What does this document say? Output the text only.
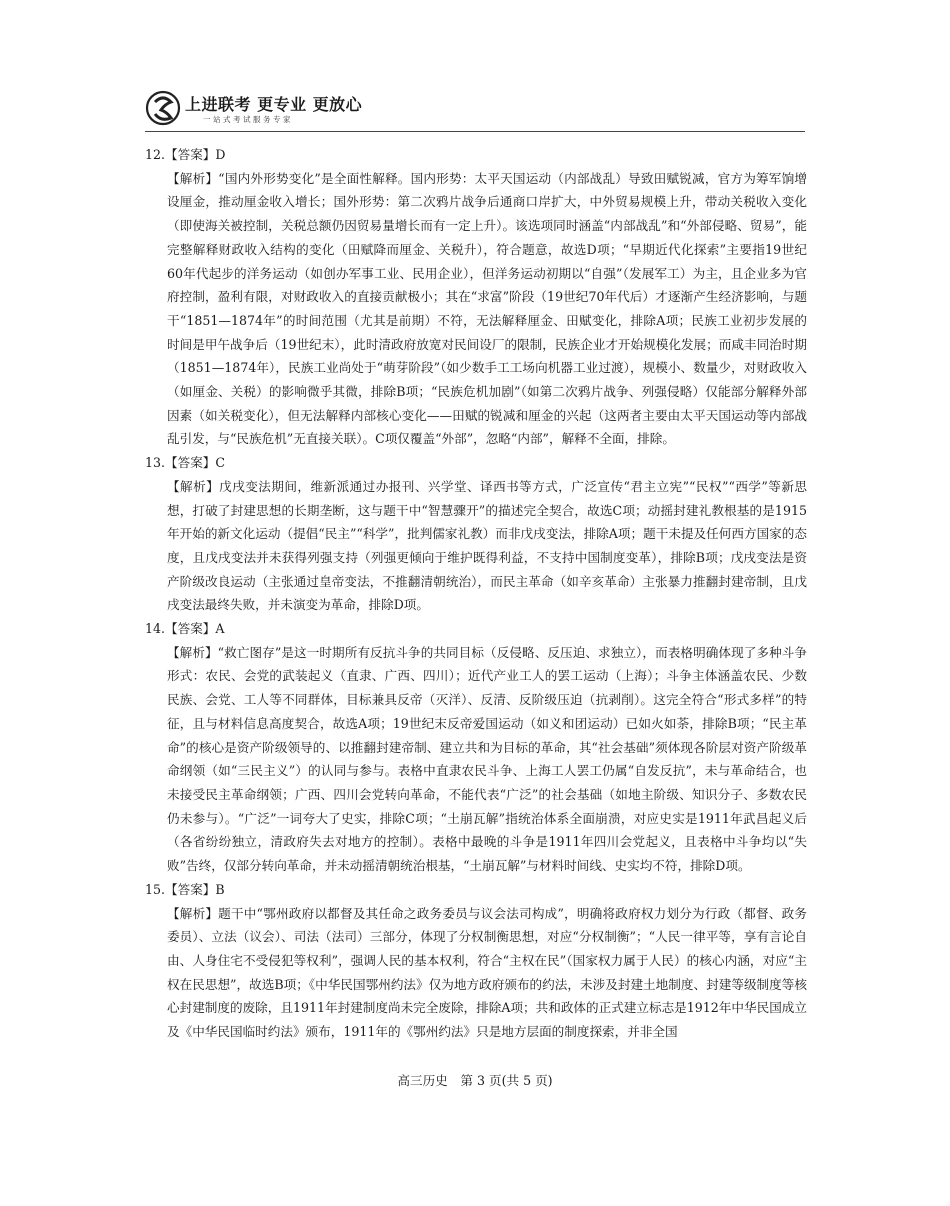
上进联考 更专业 更放心
一站式考试服务专家

12.【答案】D

【解析】“国内外形势变化”是全面性解释。国内形势：太平天国运动（内部战乱）导致田赋锐减，官方为筹军饷增设厘金，推动厘金收入增长；国外形势：第二次鸦片战争后通商口岸扩大，中外贸易规模上升，带动关税收入变化（即使海关被控制，关税总额仍因贸易量增长而有一定上升）。该选项同时涵盖“内部战乱”和“外部侵略、贸易”，能完整解释财政收入结构的变化（田赋降而厘金、关税升），符合题意，故选D项；“早期近代化探索”主要指19世纪60年代起步的洋务运动（如创办军事工业、民用企业），但洋务运动初期以“自强”（发展军工）为主，且企业多为官府控制，盈利有限，对财政收入的直接贡献极小；其在“求富”阶段（19世纪70年代后）才逐渐产生经济影响，与题干“1851—1874年”的时间范围（尤其是前期）不符，无法解释厘金、田赋变化，排除A项；民族工业初步发展的时间是甲午战争后（19世纪末），此时清政府放宽对民间设厂的限制，民族企业才开始规模化发展；而咸丰同治时期（1851—1874年），民族工业尚处于“萌芽阶段”（如少数手工工场向机器工业过渡），规模小、数量少，对财政收入（如厘金、关税）的影响微乎其微，排除B项；“民族危机加剧”（如第二次鸦片战争、列强侵略）仅能部分解释外部因素（如关税变化），但无法解释内部核心变化——田赋的锐减和厘金的兴起（这两者主要由太平天国运动等内部战乱引发，与“民族危机”无直接关联）。C项仅覆盖“外部”，忽略“内部”，解释不全面，排除。

13.【答案】C

【解析】戊戌变法期间，维新派通过办报刊、兴学堂、译西书等方式，广泛宣传“君主立宪”“民权”“西学”等新思想，打破了封建思想的长期垄断，这与题干中“智慧骤开”的描述完全契合，故选C项；动摇封建礼教根基的是1915年开始的新文化运动（提倡“民主”“科学”，批判儒家礼教）而非戊戌变法，排除A项；题干未提及任何西方国家的态度，且戊戌变法并未获得列强支持（列强更倾向于维护既得利益，不支持中国制度变革），排除B项；戊戌变法是资产阶级改良运动（主张通过皇帝变法，不推翻清朝统治），而民主革命（如辛亥革命）主张暴力推翻封建帝制，且戊戌变法最终失败，并未演变为革命，排除D项。

14.【答案】A

【解析】“救亡图存”是这一时期所有反抗斗争的共同目标（反侵略、反压迫、求独立），而表格明确体现了多种斗争形式：农民、会党的武装起义（直隶、广西、四川）；近代产业工人的罢工运动（上海）；斗争主体涵盖农民、少数民族、会党、工人等不同群体，目标兼具反帝（灭洋）、反清、反阶级压迫（抗剥削）。这完全符合“形式多样”的特征，且与材料信息高度契合，故选A项；19世纪末反帝爱国运动（如义和团运动）已如火如荼，排除B项；“民主革命”的核心是资产阶级领导的、以推翻封建帝制、建立共和为目标的革命，其“社会基础”须体现各阶层对资产阶级革命纲领（如“三民主义”）的认同与参与。表格中直隶农民斗争、上海工人罢工仍属“自发反抗”，未与革命结合，也未接受民主革命纲领；广西、四川会党转向革命，不能代表“广泛”的社会基础（如地主阶级、知识分子、多数农民仍未参与）。“广泛”一词夸大了史实，排除C项；“土崩瓦解”指统治体系全面崩溃，对应史实是1911年武昌起义后（各省纷纷独立，清政府失去对地方的控制）。表格中最晚的斗争是1911年四川会党起义，且表格中斗争均以“失败”告终，仅部分转向革命，并未动摇清朝统治根基，“土崩瓦解”与材料时间线、史实均不符，排除D项。

15.【答案】B

【解析】题干中“鄂州政府以都督及其任命之政务委员与议会法司构成”，明确将政府权力划分为行政（都督、政务委员）、立法（议会）、司法（法司）三部分，体现了分权制衡思想，对应“分权制衡”；“人民一律平等，享有言论自由、人身住宅不受侵犯等权利”，强调人民的基本权利，符合“主权在民”（国家权力属于人民）的核心内涵，对应“主权在民思想”，故选B项；《中华民国鄂州约法》仅为地方政府颁布的约法，未涉及封建土地制度、封建等级制度等核心封建制度的废除，且1911年封建制度尚未完全废除，排除A项；共和政体的正式建立标志是1912年中华民国成立及《中华民国临时约法》颁布，1911年的《鄂州约法》只是地方层面的制度探索，并非全国

高三历史　第 3 页(共 5 页)
